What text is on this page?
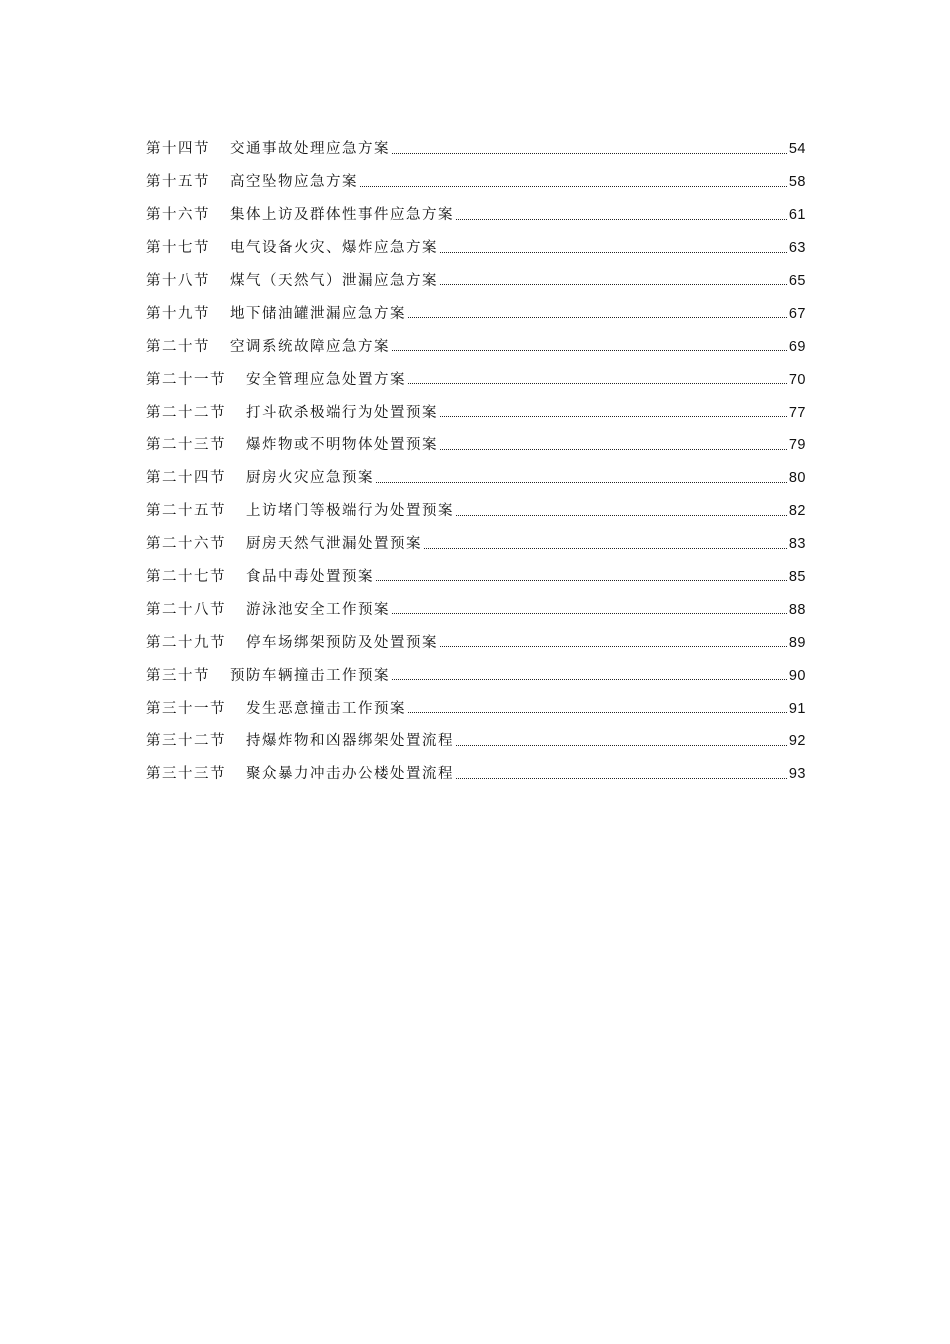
第十四节 交通事故处理应急方案	54
第十五节 高空坠物应急方案	58
第十六节 集体上访及群体性事件应急方案	61
第十七节 电气设备火灾、爆炸应急方案	63
第十八节 煤气（天然气）泄漏应急方案	65
第十九节 地下储油罐泄漏应急方案	67
第二十节 空调系统故障应急方案	69
第二十一节 安全管理应急处置方案	70
第二十二节 打斗砍杀极端行为处置预案	77
第二十三节 爆炸物或不明物体处置预案	79
第二十四节 厨房火灾应急预案	80
第二十五节 上访堵门等极端行为处置预案	82
第二十六节 厨房天然气泄漏处置预案	83
第二十七节 食品中毒处置预案	85
第二十八节 游泳池安全工作预案	88
第二十九节 停车场绑架预防及处置预案	89
第三十节 预防车辆撞击工作预案	90
第三十一节 发生恶意撞击工作预案	91
第三十二节 持爆炸物和凶器绑架处置流程	92
第三十三节 聚众暴力冲击办公楼处置流程	93
